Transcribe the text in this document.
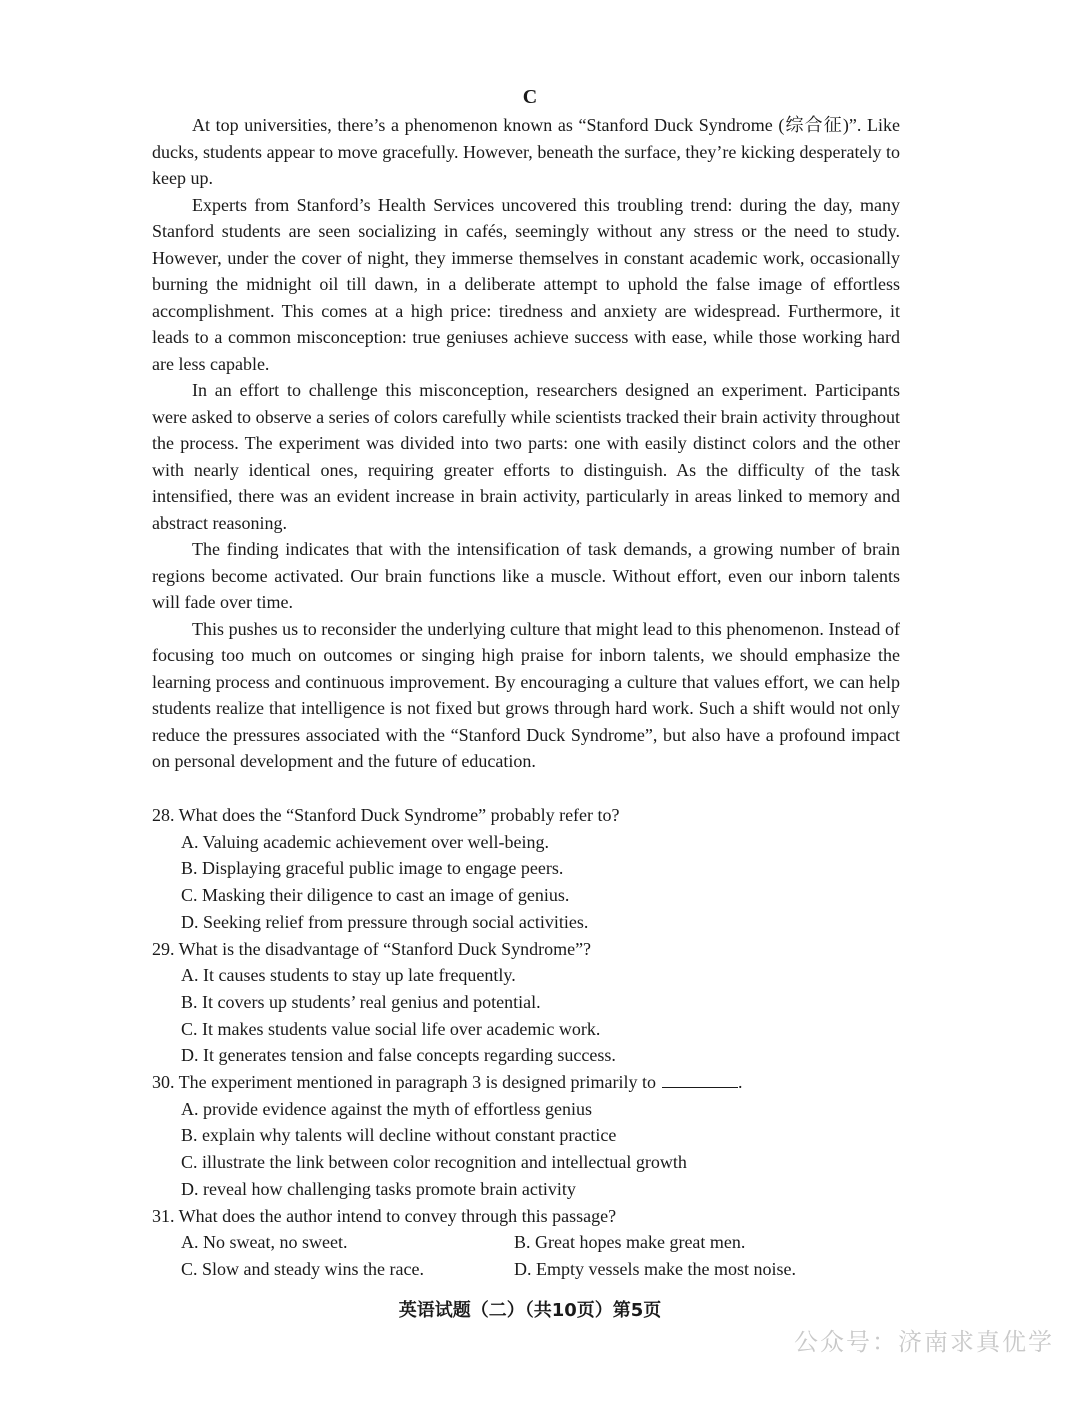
C

At top universities, there’s a phenomenon known as “Stanford Duck Syndrome (综合征)”. Like ducks, students appear to move gracefully. However, beneath the surface, they’re kicking desperately to keep up.

Experts from Stanford’s Health Services uncovered this troubling trend: during the day, many Stanford students are seen socializing in cafés, seemingly without any stress or the need to study. However, under the cover of night, they immerse themselves in constant academic work, occasionally burning the midnight oil till dawn, in a deliberate attempt to uphold the false image of effortless accomplishment. This comes at a high price: tiredness and anxiety are widespread. Furthermore, it leads to a common misconception: true geniuses achieve success with ease, while those working hard are less capable.

In an effort to challenge this misconception, researchers designed an experiment. Participants were asked to observe a series of colors carefully while scientists tracked their brain activity throughout the process. The experiment was divided into two parts: one with easily distinct colors and the other with nearly identical ones, requiring greater efforts to distinguish. As the difficulty of the task intensified, there was an evident increase in brain activity, particularly in areas linked to memory and abstract reasoning.

The finding indicates that with the intensification of task demands, a growing number of brain regions become activated. Our brain functions like a muscle. Without effort, even our inborn talents will fade over time.

This pushes us to reconsider the underlying culture that might lead to this phenomenon. Instead of focusing too much on outcomes or singing high praise for inborn talents, we should emphasize the learning process and continuous improvement. By encouraging a culture that values effort, we can help students realize that intelligence is not fixed but grows through hard work. Such a shift would not only reduce the pressures associated with the “Stanford Duck Syndrome”, but also have a profound impact on personal development and the future of education.

28. What does the “Stanford Duck Syndrome” probably refer to?

A. Valuing academic achievement over well-being.

B. Displaying graceful public image to engage peers.

C. Masking their diligence to cast an image of genius.

D. Seeking relief from pressure through social activities.

29. What is the disadvantage of “Stanford Duck Syndrome”?

A. It causes students to stay up late frequently.

B. It covers up students’ real genius and potential.

C. It makes students value social life over academic work.

D. It generates tension and false concepts regarding success.

30. The experiment mentioned in paragraph 3 is designed primarily to	.

A. provide evidence against the myth of effortless genius

B. explain why talents will decline without constant practice

C. illustrate the link between color recognition and intellectual growth

D. reveal how challenging tasks promote brain activity

31. What does the author intend to convey through this passage?

A. No sweat, no sweet.	B. Great hopes make great men.
C. Slow and steady wins the race.	D. Empty vessels make the most noise.
英语试题（二）（共10页）第5页
公众号：济南求真优学
